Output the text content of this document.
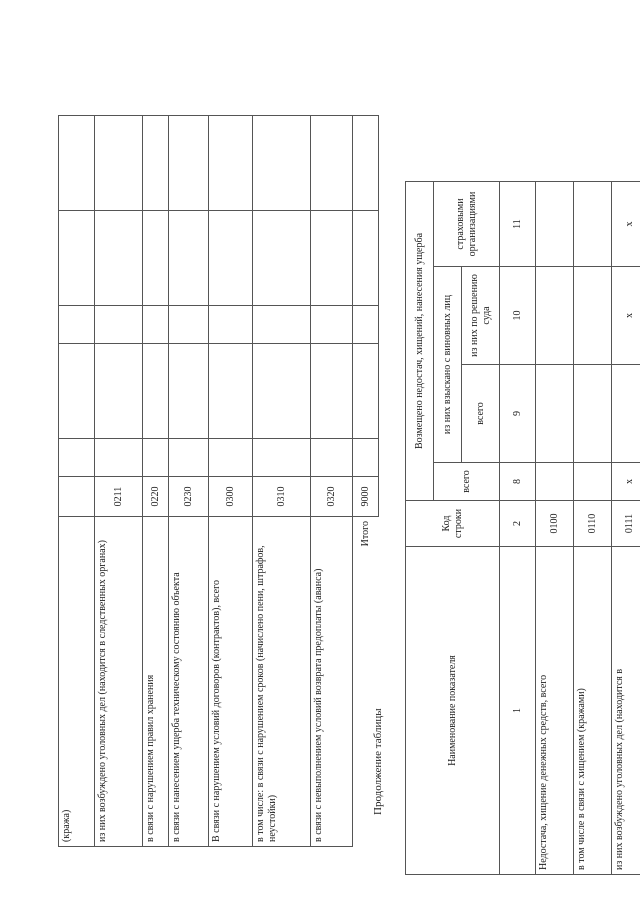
(кража)						
из них возбуждено уголовных дел (находится в следственных органах)	0211					
в связи с нарушением правил хранения	0220					
в связи с нанесением ущерба техническому состоянию объекта	0230					
В связи с нарушением условий договоров (контрактов), всего	0300					
в том числе: в связи с нарушением сроков (начислено пени, штрафов, неустойки)	0310					
в связи с невыполнением условий возврата предоплаты (аванса)	0320					
Итого	9000					
Продолжение таблицы	Наименование показателя	Код строки	Возмещено недостач, хищений, нанесения ущерба			
		всего	из них взыскано с виновных лиц		страховыми организациями
			всего	из них по решению суда	
1	2	8	9	10	11
Недостача, хищение денежных средств, всего	0100				
в том числе в связи с хищением (кражами)	0110				
из них возбуждено уголовных дел (находится в	0111	х		х	х
